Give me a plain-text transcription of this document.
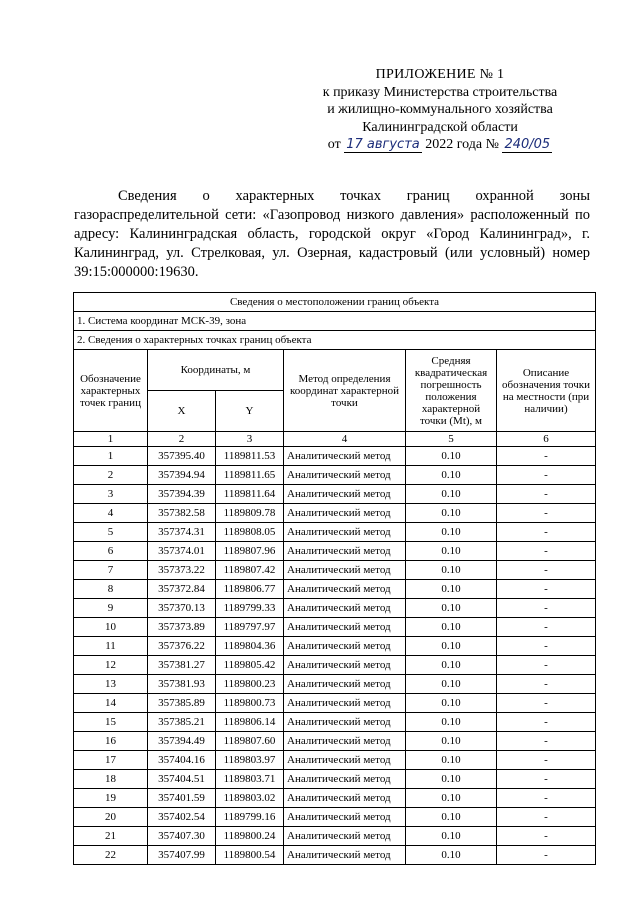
ПРИЛОЖЕНИЕ № 1
к приказу Министерства строительства
и жилищно-коммунального хозяйства
Калининградской области
от 17 августа 2022 года № 240/05

Сведения о характерных точках границ охранной зоны газораспределительной сети: «Газопровод низкого давления» расположенный по адресу: Калининградская область, городской округ «Город Калининград», г. Калининград, ул. Стрелковая, ул. Озерная, кадастровый (или условный) номер 39:15:000000:19630.

Сведения о местоположении границ объекта					
1. Система координат МСК-39, зона					
2. Сведения о характерных точках границ объекта					
Обозначение характерных точек границ	Координаты, м		Метод определения координат характерной точки	Средняя квадратическая погрешность положения характерной точки (Mt), м	Описание обозначения точки на местности (при наличии)
	X	Y			
1	2	3	4	5	6
1	357395.40	1189811.53	Аналитический метод	0.10	-
2	357394.94	1189811.65	Аналитический метод	0.10	-
3	357394.39	1189811.64	Аналитический метод	0.10	-
4	357382.58	1189809.78	Аналитический метод	0.10	-
5	357374.31	1189808.05	Аналитический метод	0.10	-
6	357374.01	1189807.96	Аналитический метод	0.10	-
7	357373.22	1189807.42	Аналитический метод	0.10	-
8	357372.84	1189806.77	Аналитический метод	0.10	-
9	357370.13	1189799.33	Аналитический метод	0.10	-
10	357373.89	1189797.97	Аналитический метод	0.10	-
11	357376.22	1189804.36	Аналитический метод	0.10	-
12	357381.27	1189805.42	Аналитический метод	0.10	-
13	357381.93	1189800.23	Аналитический метод	0.10	-
14	357385.89	1189800.73	Аналитический метод	0.10	-
15	357385.21	1189806.14	Аналитический метод	0.10	-
16	357394.49	1189807.60	Аналитический метод	0.10	-
17	357404.16	1189803.97	Аналитический метод	0.10	-
18	357404.51	1189803.71	Аналитический метод	0.10	-
19	357401.59	1189803.02	Аналитический метод	0.10	-
20	357402.54	1189799.16	Аналитический метод	0.10	-
21	357407.30	1189800.24	Аналитический метод	0.10	-
22	357407.99	1189800.54	Аналитический метод	0.10	-
